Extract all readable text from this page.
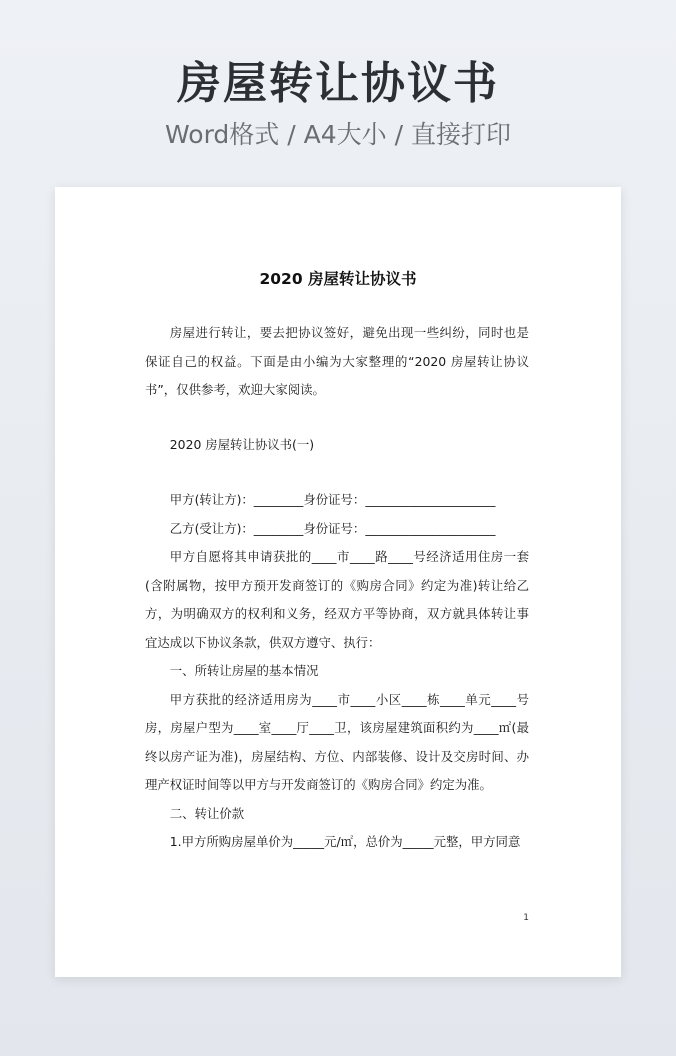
房屋转让协议书
Word格式 / A4大小 / 直接打印
2020 房屋转让协议书

房屋进行转让，要去把协议签好，避免出现一些纠纷，同时也是保证自己的权益。下面是由小编为大家整理的“2020 房屋转让协议书”，仅供参考，欢迎大家阅读。

2020 房屋转让协议书(一)

甲方(转让方)：________身份证号：_____________________

乙方(受让方)：________身份证号：_____________________

甲方自愿将其申请获批的____市____路____号经济适用住房一套(含附属物，按甲方预开发商签订的《购房合同》约定为准)转让给乙方，为明确双方的权利和义务，经双方平等协商，双方就具体转让事宜达成以下协议条款，供双方遵守、执行：

一、所转让房屋的基本情况

甲方获批的经济适用房为____市____小区____栋____单元____号房，房屋户型为____室____厅____卫，该房屋建筑面积约为____㎡(最终以房产证为准)，房屋结构、方位、内部装修、设计及交房时间、办理产权证时间等以甲方与开发商签订的《购房合同》约定为准。

二、转让价款

1.甲方所购房屋单价为_____元/㎡，总价为_____元整，甲方同意

1
